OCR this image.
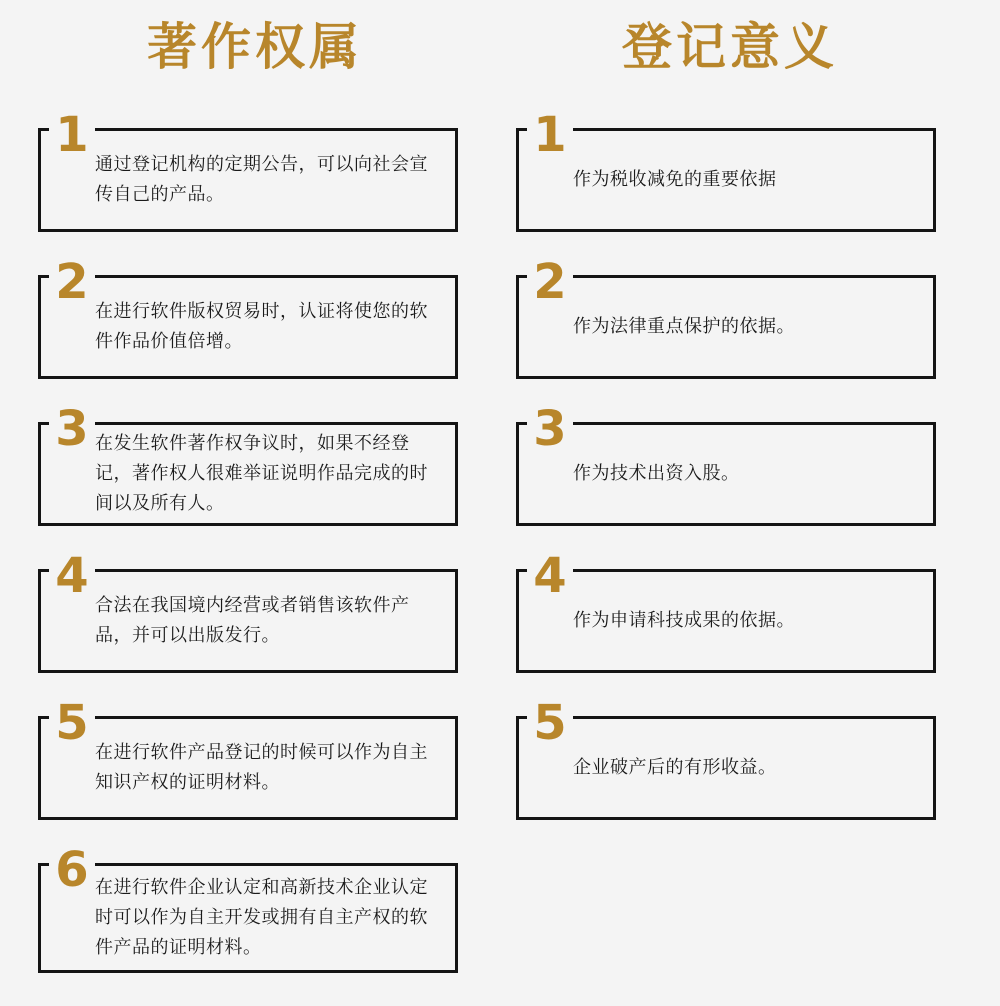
著作权属	登记意义
1
通过登记机构的定期公告，可以向社会宣传自己的产品。
2
在进行软件版权贸易时，认证将使您的软件作品价值倍增。
3 在发生软件著作权争议时，如果不经登记，著作权人很难举证说明作品完成的时间以及所有人。
4
合法在我国境内经营或者销售该软件产品，并可以出版发行。
5
在进行软件产品登记的时候可以作为自主知识产权的证明材料。
6 在进行软件企业认定和高新技术企业认定时可以作为自主开发或拥有自主产权的软件产品的证明材料。
1
作为税收减免的重要依据
2
作为法律重点保护的依据。
3
作为技术出资入股。
4
作为申请科技成果的依据。
5
企业破产后的有形收益。
